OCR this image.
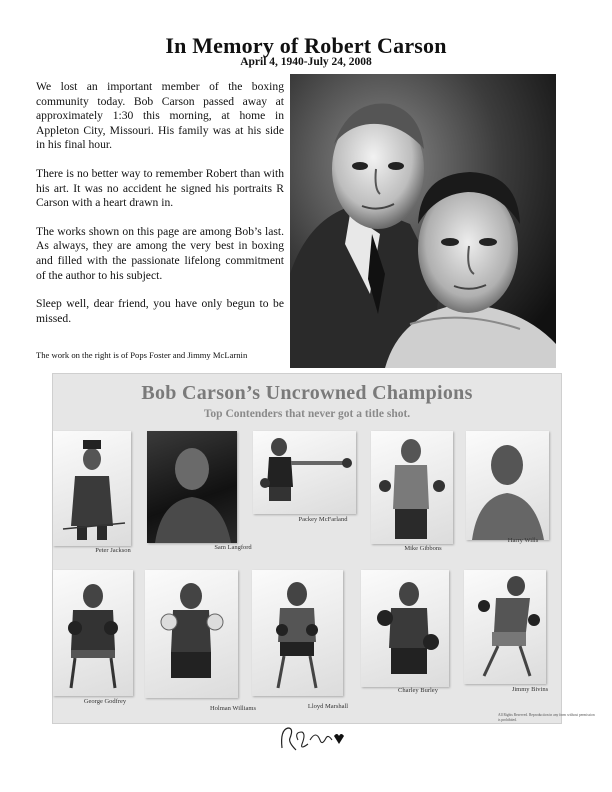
In Memory of Robert Carson
April 4, 1940-July 24, 2008

We lost an important member of the boxing community today. Bob Carson passed away at approximately 1:30 this morning, at home in Appleton City, Missouri. His family was at his side in his final hour.

There is no better way to remember Robert than with his art. It was no accident he signed his portraits R Carson with a heart drawn in.

The works shown on this page are among Bob’s last. As always, they are among the very best in boxing and filled with the passionate lifelong commitment of the author to his subject.

Sleep well, dear friend, you have only begun to be missed.

The work on the right is of Pops Foster and Jimmy McLarnin
Bob Carson’s Uncrowned Champions
Top Contenders that never got a title shot.
Peter Jackson	Sam Langford
Packey McFarland
Mike Gibbons
Harry Wills
George Godfrey
Holman Williams	Lloyd Marshall
Charley Burley	Jimmy Bivins
All Rights Reserved. Reproduction in any form without permission is prohibited.
